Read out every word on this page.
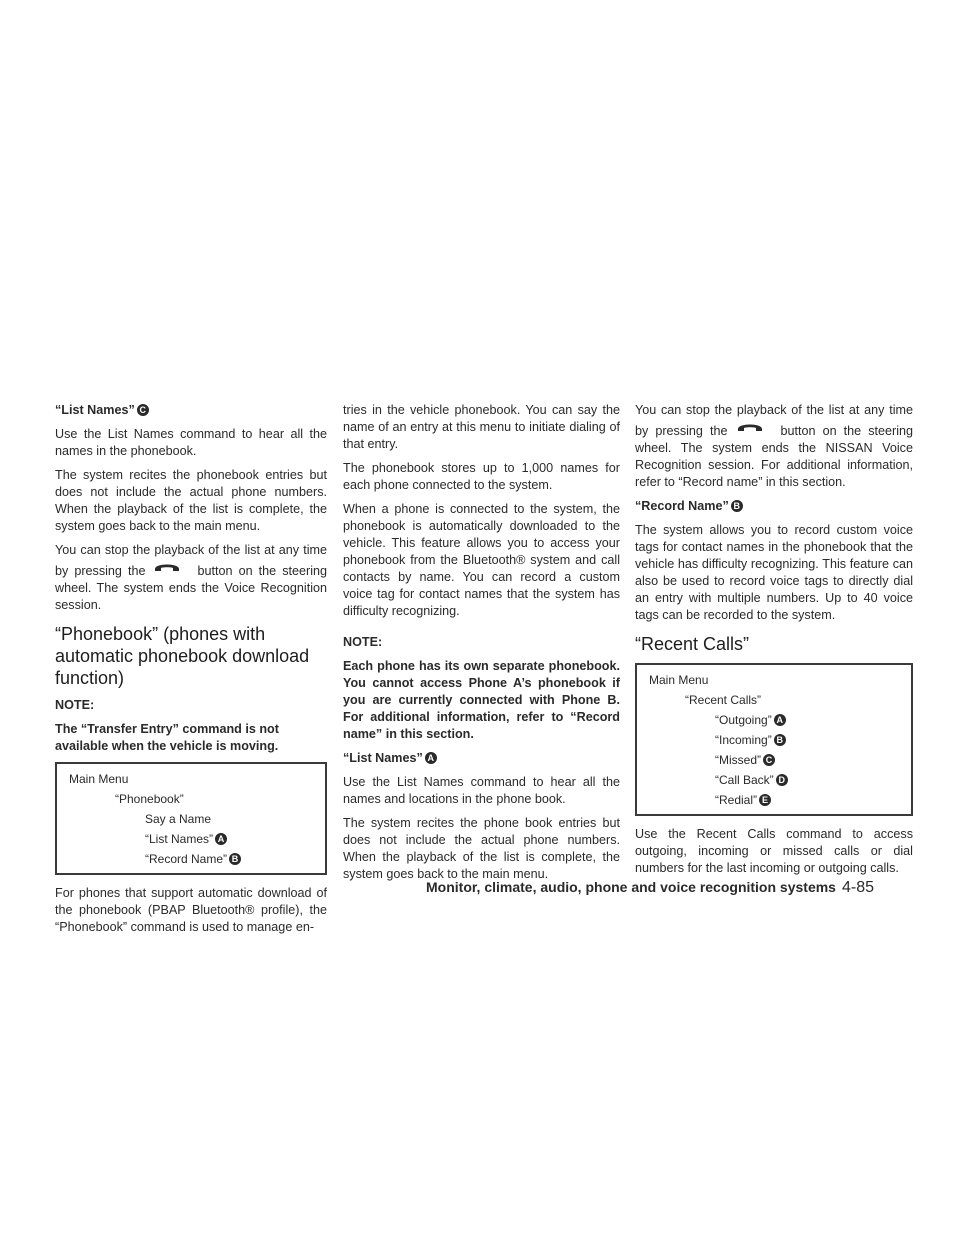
“List Names” C

Use the List Names command to hear all the names in the phonebook.

The system recites the phonebook entries but does not include the actual phone numbers. When the playback of the list is complete, the system goes back to the main menu.

You can stop the playback of the list at any time by pressing the	button on the steering wheel. The system ends the Voice Recognition session.

“Phonebook” (phones with automatic phonebook download function)
NOTE:

The “Transfer Entry” command is not available when the vehicle is moving.

Main Menu
“Phonebook”
Say a Name
“List Names” A
“Record Name” B

For phones that support automatic download of the phonebook (PBAP Bluetooth® profile), the “Phonebook” command is used to manage en-

tries in the vehicle phonebook. You can say the name of an entry at this menu to initiate dialing of that entry.

The phonebook stores up to 1,000 names for each phone connected to the system.

When a phone is connected to the system, the phonebook is automatically downloaded to the vehicle. This feature allows you to access your phonebook from the Bluetooth® system and call contacts by name. You can record a custom voice tag for contact names that the system has difficulty recognizing.

NOTE:

Each phone has its own separate phonebook. You cannot access Phone A’s phonebook if you are currently connected with Phone B. For additional information, refer to “Record name” in this section.

“List Names” A

Use the List Names command to hear all the names and locations in the phone book.

The system recites the phone book entries but does not include the actual phone numbers. When the playback of the list is complete, the system goes back to the main menu.

You can stop the playback of the list at any time by pressing the	button on the steering wheel. The system ends the NISSAN Voice Recognition session. For additional information, refer to “Record name” in this section.

“Record Name” B

The system allows you to record custom voice tags for contact names in the phonebook that the vehicle has difficulty recognizing. This feature can also be used to record voice tags to directly dial an entry with multiple numbers. Up to 40 voice tags can be recorded to the system.

“Recent Calls”
Main Menu
“Recent Calls”
“Outgoing” A
“Incoming” B
“Missed” C
“Call Back” D
“Redial” E

Use the Recent Calls command to access outgoing, incoming or missed calls or dial numbers for the last incoming or outgoing calls.

Monitor, climate, audio, phone and voice recognition systems 4-85
